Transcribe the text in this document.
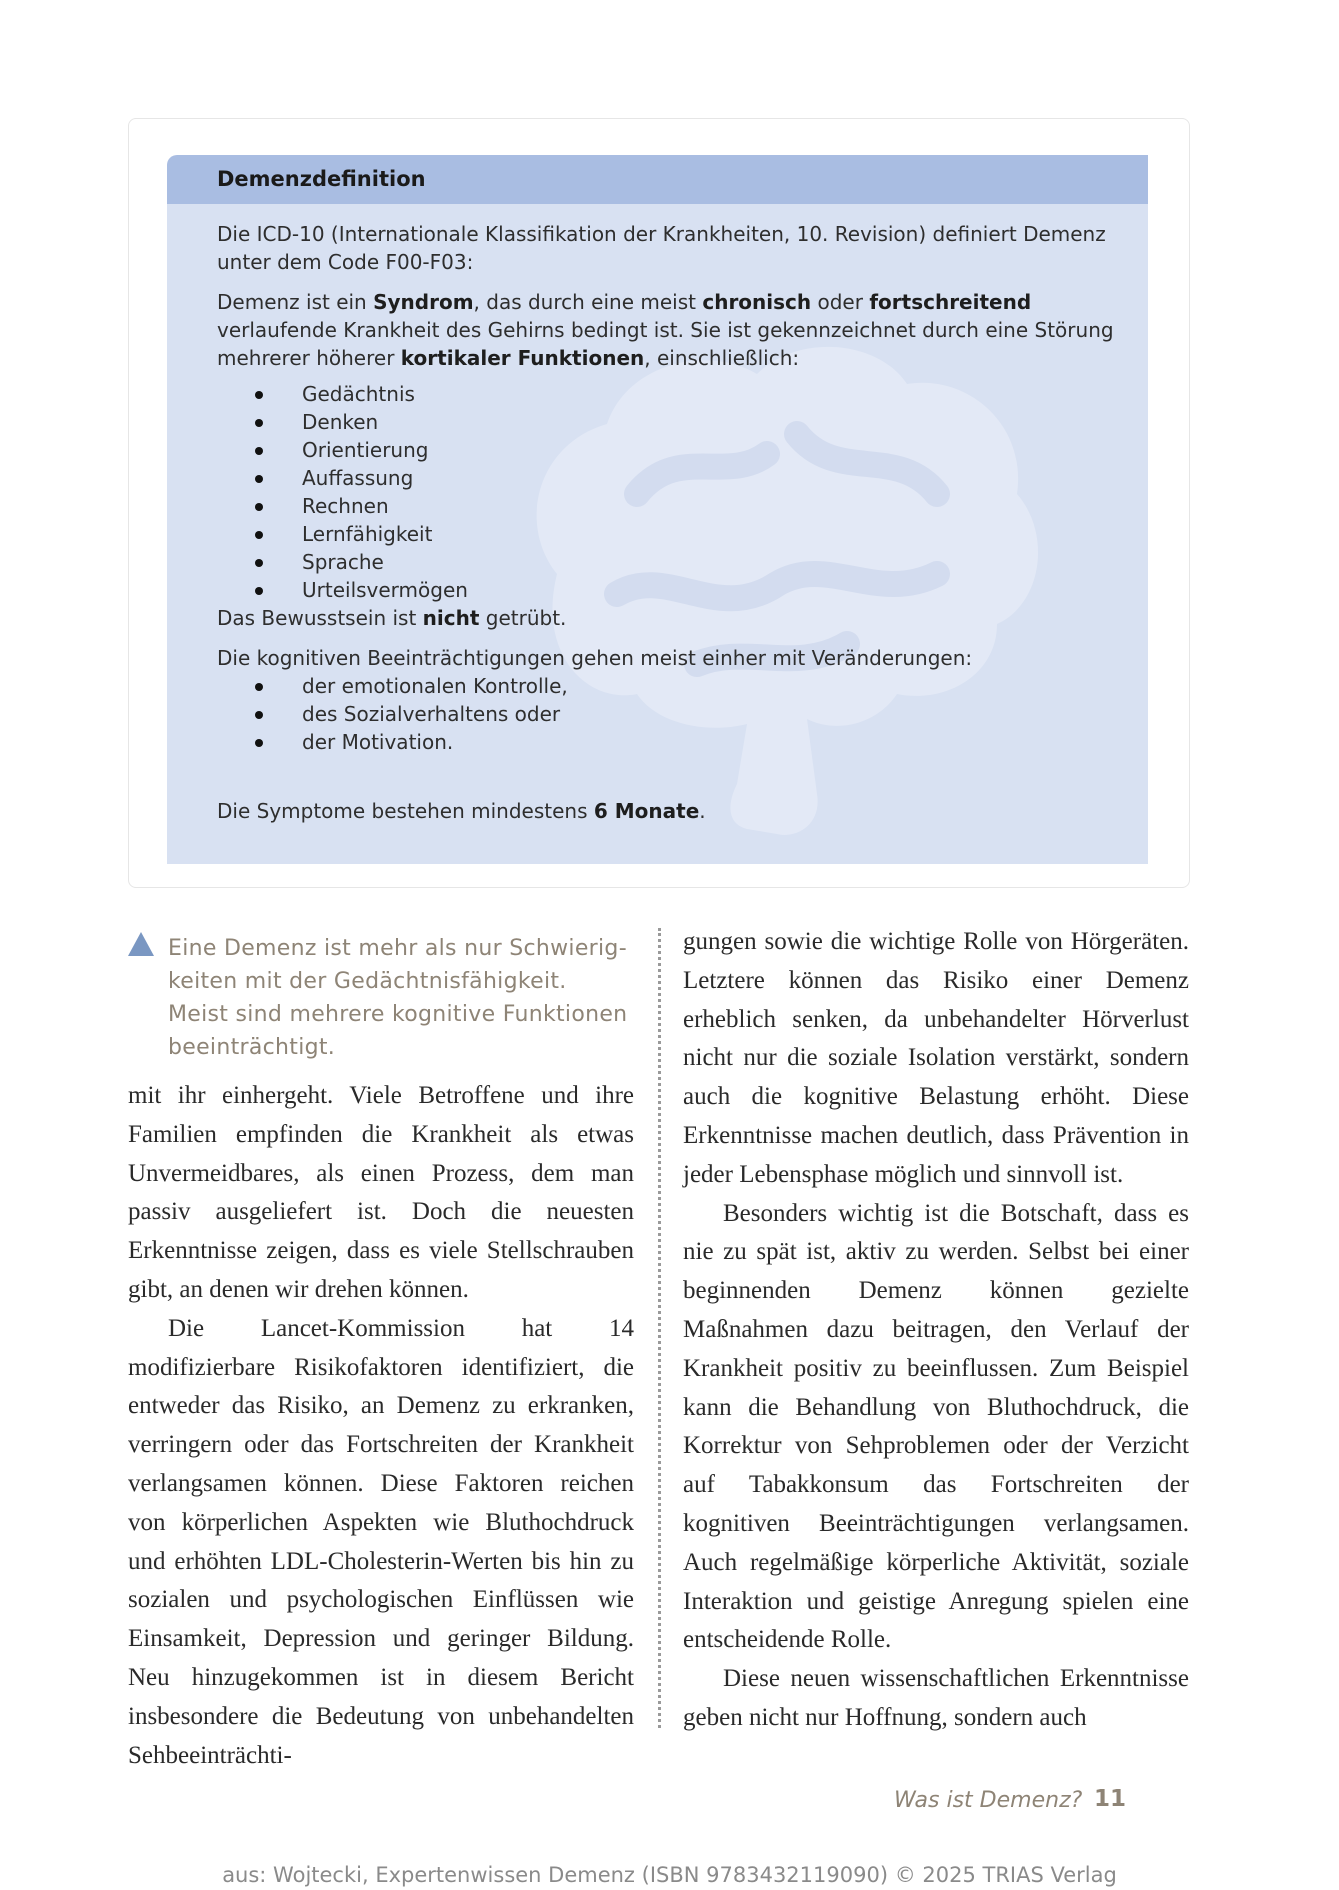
Demenzdefinition

Die ICD-10 (Internationale Klassifikation der Krankheiten, 10. Revision) definiert Demenz unter dem Code F00-F03:

Demenz ist ein Syndrom, das durch eine meist chronisch oder fortschreitend verlaufende Krankheit des Gehirns bedingt ist. Sie ist gekennzeichnet durch eine Störung mehrerer höherer kortikaler Funktionen, einschließlich:

Gedächtnis
Denken
Orientierung
Auffassung
Rechnen
Lernfähigkeit
Sprache
Urteilsvermögen

Das Bewusstsein ist nicht getrübt.

Die kognitiven Beeinträchtigungen gehen meist einher mit Veränderungen:

der emotionalen Kontrolle,
des Sozialverhaltens oder
der Motivation.

Die Symptome bestehen mindestens 6 Monate.

Eine Demenz ist mehr als nur Schwierig-keiten mit der Gedächtnisfähigkeit. Meist sind mehrere kognitive Funktionen beeinträchtigt.

mit ihr einhergeht. Viele Betroffene und ihre Familien empfinden die Krankheit als etwas Unvermeidbares, als einen Prozess, dem man passiv ausgeliefert ist. Doch die neuesten Erkenntnisse zeigen, dass es viele Stellschrauben gibt, an denen wir drehen können.

Die Lancet-Kommission hat 14 modifizierbare Risikofaktoren identifiziert, die entweder das Risiko, an Demenz zu erkranken, verringern oder das Fortschreiten der Krankheit verlangsamen können. Diese Faktoren reichen von körperlichen Aspekten wie Bluthochdruck und erhöhten LDL-Cholesterin-Werten bis hin zu sozialen und psychologischen Einflüssen wie Einsamkeit, Depression und geringer Bildung. Neu hinzugekommen ist in diesem Bericht insbesondere die Bedeutung von unbehandelten Sehbeeinträchti-

gungen sowie die wichtige Rolle von Hörgeräten. Letztere können das Risiko einer Demenz erheblich senken, da unbehandelter Hörverlust nicht nur die soziale Isolation verstärkt, sondern auch die kognitive Belastung erhöht. Diese Erkenntnisse machen deutlich, dass Prävention in jeder Lebensphase möglich und sinnvoll ist.

Besonders wichtig ist die Botschaft, dass es nie zu spät ist, aktiv zu werden. Selbst bei einer beginnenden Demenz können gezielte Maßnahmen dazu beitragen, den Verlauf der Krankheit positiv zu beeinflussen. Zum Beispiel kann die Behandlung von Bluthochdruck, die Korrektur von Sehproblemen oder der Verzicht auf Tabakkonsum das Fortschreiten der kognitiven Beeinträchtigungen verlangsamen. Auch regelmäßige körperliche Aktivität, soziale Interaktion und geistige Anregung spielen eine entscheidende Rolle.

Diese neuen wissenschaftlichen Erkenntnisse geben nicht nur Hoffnung, sondern auch

Was ist Demenz? 11
aus: Wojtecki, Expertenwissen Demenz (ISBN 9783432119090) © 2025 TRIAS Verlag
